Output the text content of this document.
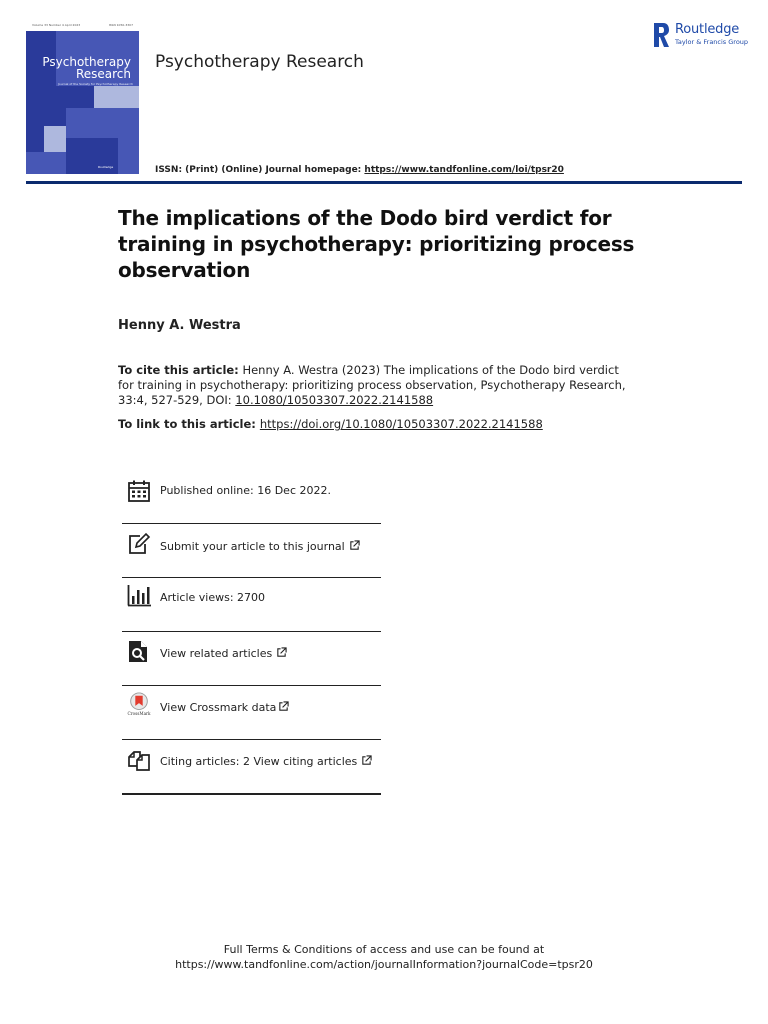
Volume 33 Number 4 April 2023	ISSN 1050-3307
Psychotherapy
Research
Journal of the Society for Psychotherapy Research
Routledge
Psychotherapy Research
Routledge
Taylor & Francis Group
ISSN: (Print) (Online) Journal homepage: https://www.tandfonline.com/loi/tpsr20
The implications of the Dodo bird verdict for training in psychotherapy: prioritizing process observation
Henny A. Westra
To cite this article: Henny A. Westra (2023) The implications of the Dodo bird verdict for training in psychotherapy: prioritizing process observation, Psychotherapy Research, 33:4, 527-529, DOI: 10.1080/10503307.2022.2141588
To link to this article: https://doi.org/10.1080/10503307.2022.2141588
Published online: 16 Dec 2022.
Submit your article to this journal
Article views: 2700
View related articles
CrossMark View Crossmark data
Citing articles: 2 View citing articles
Full Terms & Conditions of access and use can be found at
https://www.tandfonline.com/action/journalInformation?journalCode=tpsr20
